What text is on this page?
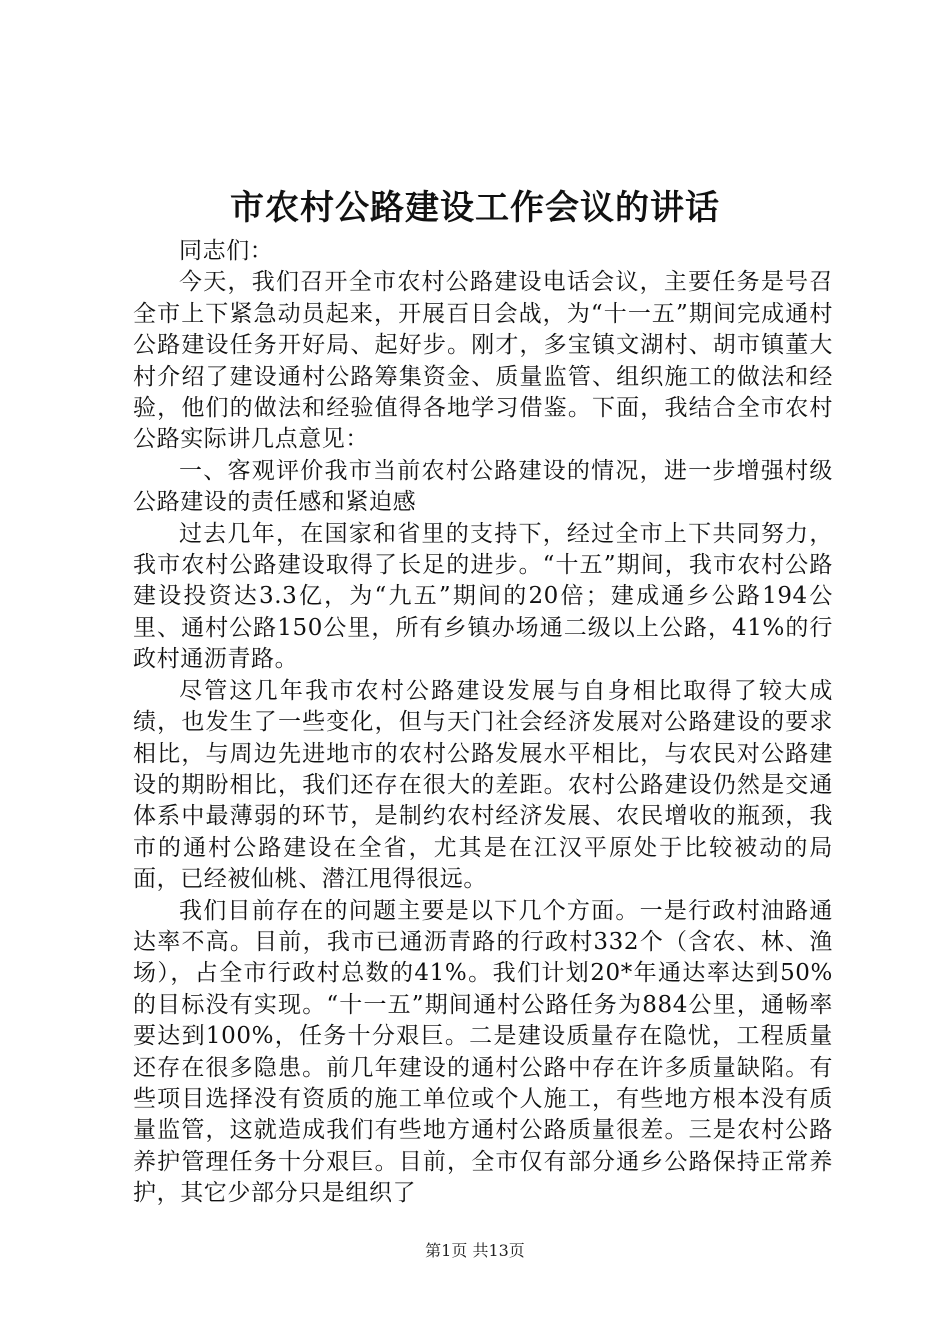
市农村公路建设工作会议的讲话

同志们：

今天，我们召开全市农村公路建设电话会议，主要任务是号召全市上下紧急动员起来，开展百日会战，为“十一五”期间完成通村公路建设任务开好局、起好步。刚才，多宝镇文湖村、胡市镇董大村介绍了建设通村公路筹集资金、质量监管、组织施工的做法和经验，他们的做法和经验值得各地学习借鉴。下面，我结合全市农村公路实际讲几点意见：

一、客观评价我市当前农村公路建设的情况，进一步增强村级公路建设的责任感和紧迫感

过去几年，在国家和省里的支持下，经过全市上下共同努力，我市农村公路建设取得了长足的进步。“十五”期间，我市农村公路建设投资达3.3亿，为“九五”期间的20倍；建成通乡公路194公里、通村公路150公里，所有乡镇办场通二级以上公路，41%的行政村通沥青路。

尽管这几年我市农村公路建设发展与自身相比取得了较大成绩，也发生了一些变化，但与天门社会经济发展对公路建设的要求相比，与周边先进地市的农村公路发展水平相比，与农民对公路建设的期盼相比，我们还存在很大的差距。农村公路建设仍然是交通体系中最薄弱的环节，是制约农村经济发展、农民增收的瓶颈，我市的通村公路建设在全省，尤其是在江汉平原处于比较被动的局面，已经被仙桃、潜江甩得很远。

我们目前存在的问题主要是以下几个方面。一是行政村油路通达率不高。目前，我市已通沥青路的行政村332个（含农、林、渔场），占全市行政村总数的41%。我们计划20*年通达率达到50%的目标没有实现。“十一五”期间通村公路任务为884公里，通畅率要达到100%，任务十分艰巨。二是建设质量存在隐忧，工程质量还存在很多隐患。前几年建设的通村公路中存在许多质量缺陷。有些项目选择没有资质的施工单位或个人施工，有些地方根本没有质量监管，这就造成我们有些地方通村公路质量很差。三是农村公路养护管理任务十分艰巨。目前，全市仅有部分通乡公路保持正常养护，其它少部分只是组织了

第1页 共13页
